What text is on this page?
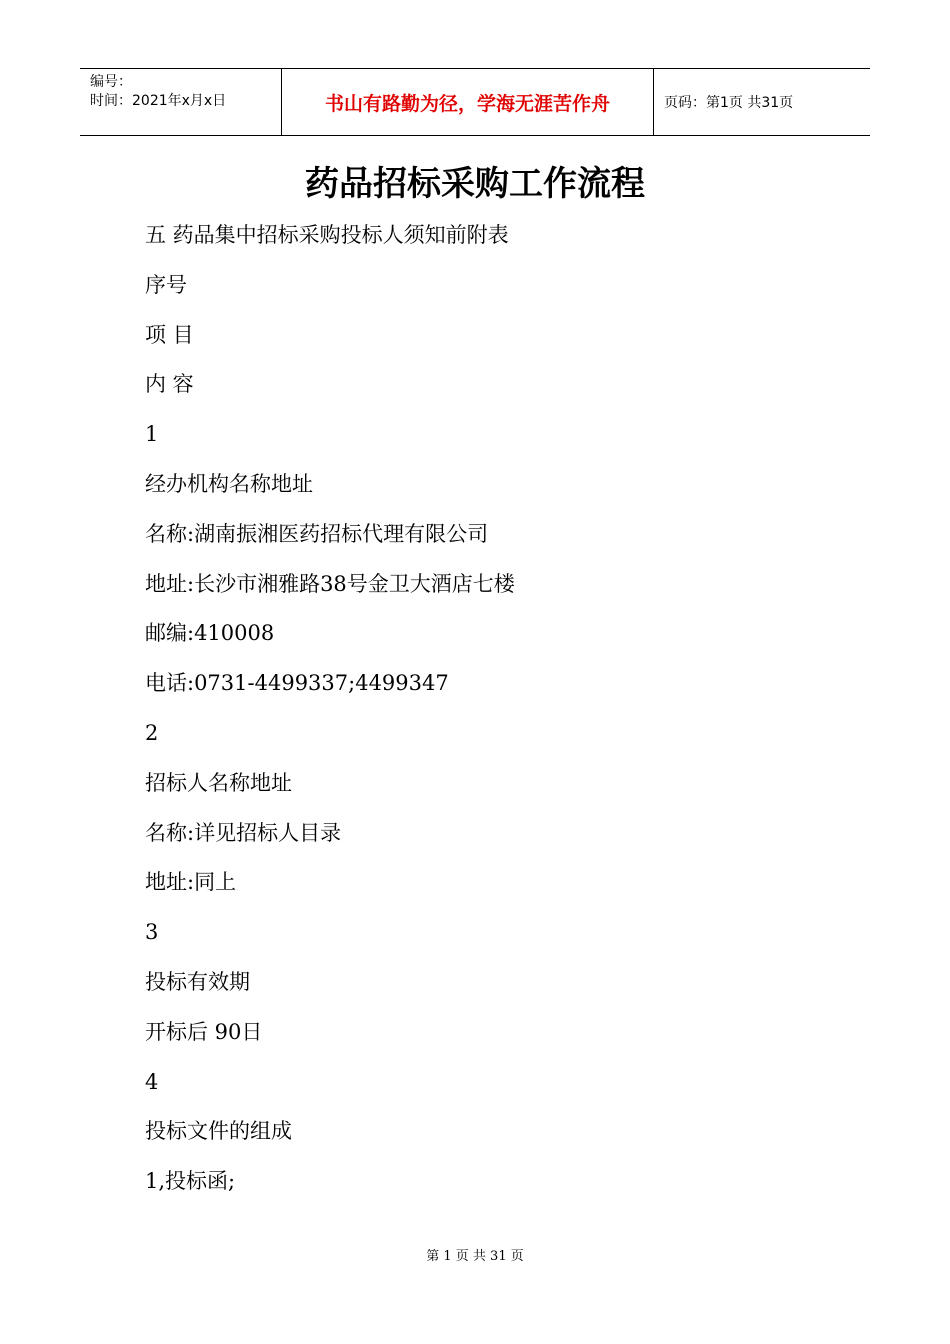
编号：
时间：2021年x月x日	书山有路勤为径，学海无涯苦作舟	页码：第1页 共31页
药品招标采购工作流程
五 药品集中招标采购投标人须知前附表
序号
项 目
内 容
1
经办机构名称地址
名称:湖南振湘医药招标代理有限公司
地址:长沙市湘雅路38号金卫大酒店七楼
邮编:410008
电话:0731-4499337;4499347
2
招标人名称地址
名称:详见招标人目录
地址:同上
3
投标有效期
开标后 90日
4
投标文件的组成
1,投标函;
第 1 页 共 31 页
